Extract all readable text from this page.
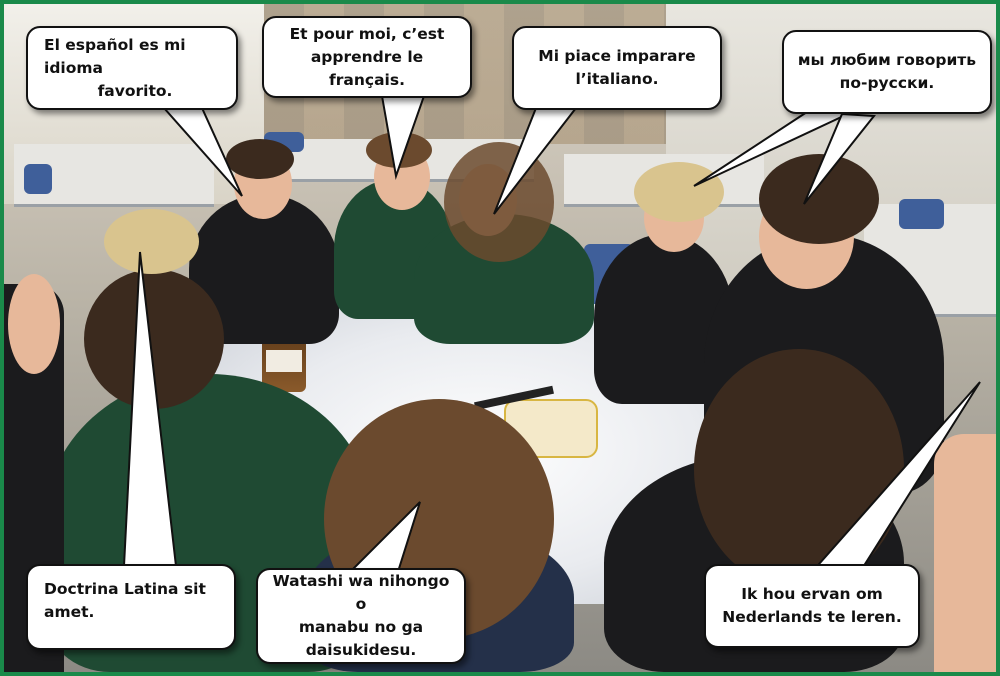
El español es mi idioma
favorito.
Et pour moi, c’est
apprendre le français.
Mi piace imparare
l’italiano.
мы любим говорить
по-русски.
Doctrina Latina sit
amet.
Watashi wa nihongo o
manabu no ga
daisukidesu.
Ik hou ervan om
Nederlands te leren.
